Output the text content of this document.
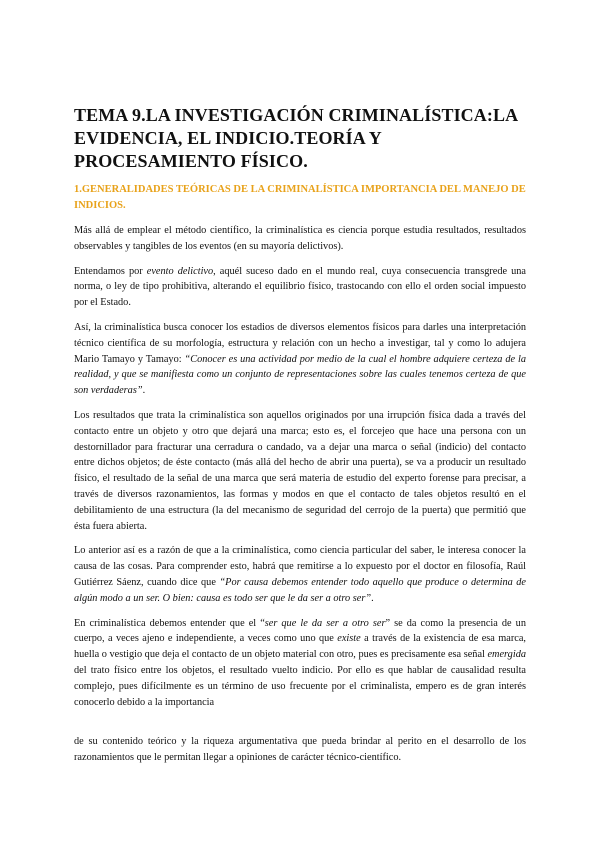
TEMA 9.LA INVESTIGACIÓN CRIMINALÍSTICA:LA EVIDENCIA, EL INDICIO.TEORÍA Y PROCESAMIENTO FÍSICO.
1.GENERALIDADES TEÓRICAS DE LA CRIMINALÍSTICA IMPORTANCIA DEL MANEJO DE INDICIOS.

Más allá de emplear el método científico, la criminalística es ciencia porque estudia resultados, resultados observables y tangibles de los eventos (en su mayoría delictivos).

Entendamos por evento delictivo, aquél suceso dado en el mundo real, cuya consecuencia transgrede una norma, o ley de tipo prohibitiva, alterando el equilibrio físico, trastocando con ello el orden social impuesto por el Estado.

Así, la criminalística busca conocer los estadios de diversos elementos físicos para darles una interpretación técnico científica de su morfología, estructura y relación con un hecho a investigar, tal y como lo adujera Mario Tamayo y Tamayo: “Conocer es una actividad por medio de la cual el hombre adquiere certeza de la realidad, y que se manifiesta como un conjunto de representaciones sobre las cuales tenemos certeza de que son verdaderas”.

Los resultados que trata la criminalística son aquellos originados por una irrupción física dada a través del contacto entre un objeto y otro que dejará una marca; esto es, el forcejeo que hace una persona con un destornillador para fracturar una cerradura o candado, va a dejar una marca o señal (indicio) del contacto entre dichos objetos; de éste contacto (más allá del hecho de abrir una puerta), se va a producir un resultado físico, el resultado de la señal de una marca que será materia de estudio del experto forense para precisar, a través de diversos razonamientos, las formas y modos en que el contacto de tales objetos resultó en el debilitamiento de una estructura (la del mecanismo de seguridad del cerrojo de la puerta) que permitió que ésta fuera abierta.

Lo anterior así es a razón de que a la criminalística, como ciencia particular del saber, le interesa conocer la causa de las cosas. Para comprender esto, habrá que remitirse a lo expuesto por el doctor en filosofía, Raúl Gutiérrez Sáenz, cuando dice que “Por causa debemos entender todo aquello que produce o determina de algún modo a un ser. O bien: causa es todo ser que le da ser a otro ser”.

En criminalística debemos entender que el “ser que le da ser a otro ser” se da como la presencia de un cuerpo, a veces ajeno e independiente, a veces como uno que existe a través de la existencia de esa marca, huella o vestigio que deja el contacto de un objeto material con otro, pues es precisamente esa señal emergida del trato físico entre los objetos, el resultado vuelto indicio. Por ello es que hablar de causalidad resulta complejo, pues difícilmente es un término de uso frecuente por el criminalista, empero es de gran interés conocerlo debido a la importancia

de su contenido teórico y la riqueza argumentativa que pueda brindar al perito en el desarrollo de los razonamientos que le permitan llegar a opiniones de carácter técnico-científico.
